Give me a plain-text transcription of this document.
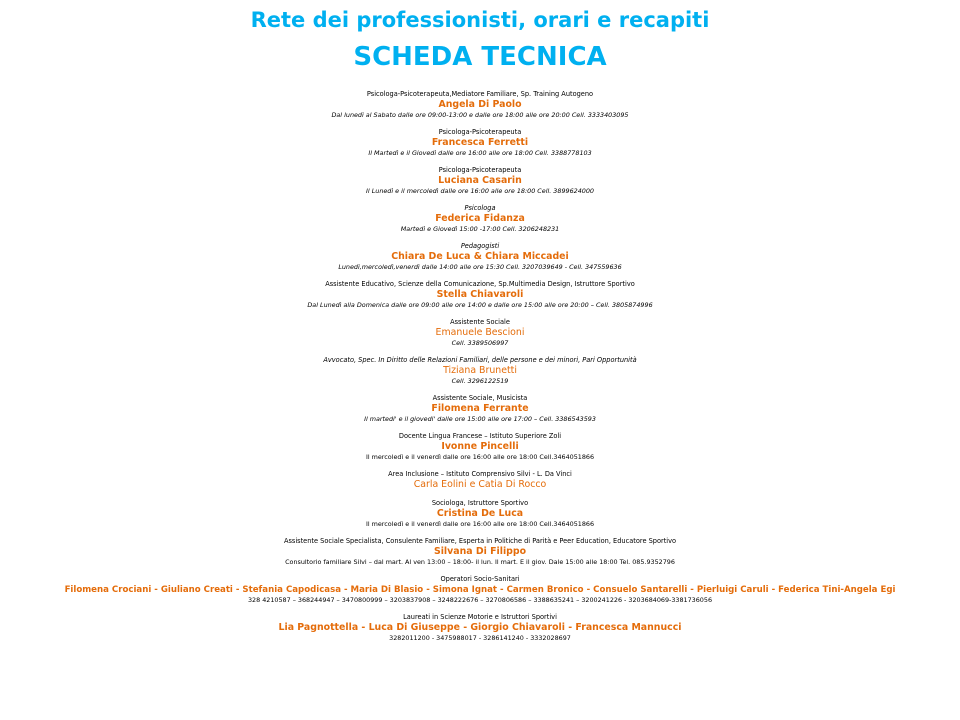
Rete dei professionisti, orari e recapiti
SCHEDA TECNICA
Psicologa-Psicoterapeuta,Mediatore Familiare, Sp. Training Autogeno
Angela Di Paolo
Dal lunedì al Sabato dalle ore 09:00-13:00 e dalle ore 18:00 alle ore 20:00 Cell. 3333403095
Psicologa-Psicoterapeuta
Francesca Ferretti
Il Martedì e il Giovedì dalle ore 16:00 alle ore 18:00 Cell. 3388778103
Psicologa-Psicoterapeuta
Luciana Casarin
Il Lunedì e il mercoledì dalle ore 16:00 alle ore 18:00 Cell. 3899624000
Psicologa
Federica Fidanza
Martedì e Giovedì 15:00 -17:00 Cell. 3206248231
Pedagogisti
Chiara De Luca & Chiara Miccadei
Lunedì,mercoledì,venerdì dalle 14:00 alle ore 15:30 Cell. 3207039649 - Cell. 347559636
Assistente Educativo, Scienze della Comunicazione, Sp.Multimedia Design, Istruttore Sportivo
Stella Chiavaroli
Dal Lunedì alla Domenica dalle ore 09:00 alle ore 14:00 e dalle ore 15:00 alle ore 20:00 – Cell. 3805874996
Assistente Sociale
Emanuele Bescioni
Cell. 3389506997
Avvocato, Spec. In Diritto delle Relazioni Familiari, delle persone e dei minori, Pari Opportunità
Tiziana Brunetti
Cell. 3296122519
Assistente Sociale, Musicista
Filomena Ferrante
Il martedi' e il giovedi' dalle ore 15:00 alle ore 17:00 – Cell. 3386543593
Docente Lingua Francese – Istituto Superiore Zoli
Ivonne Pincelli
Il mercoledì e il venerdì dalle ore 16:00 alle ore 18:00 Cell.3464051866
Area Inclusione – Istituto Comprensivo Silvi - L. Da Vinci
Carla Eolini e Catia Di Rocco
Sociologa, Istruttore Sportivo
Cristina De Luca
Il mercoledì e il venerdì dalle ore 16:00 alle ore 18:00 Cell.3464051866
Assistente Sociale Specialista, Consulente Familiare, Esperta in Politiche di Parità e Peer Education, Educatore Sportivo
Silvana Di Filippo
Consultorio familiare Silvi – dal mart. Al ven 13:00 – 18:00- il lun. Il mart. E il giov. Dale 15:00 alle 18:00 Tel. 085.9352796
Operatori Socio-Sanitari
Filomena Crociani - Giuliano Creati - Stefania Capodicasa - Maria Di Blasio - Simona Ignat - Carmen Bronico - Consuelo Santarelli - Pierluigi Caruli - Federica Tini-Angela Egi
328 4210587 – 368244947 – 3470800999 – 3203837908 – 3248222676 – 3270806586 – 3388635241 – 3200241226 - 3203684069-3381736056
Laureati in Scienze Motorie e Istruttori Sportivi
Lia Pagnottella - Luca Di Giuseppe - Giorgio Chiavaroli - Francesca Mannucci
3282011200 - 3475988017 - 3286141240 - 3332028697
